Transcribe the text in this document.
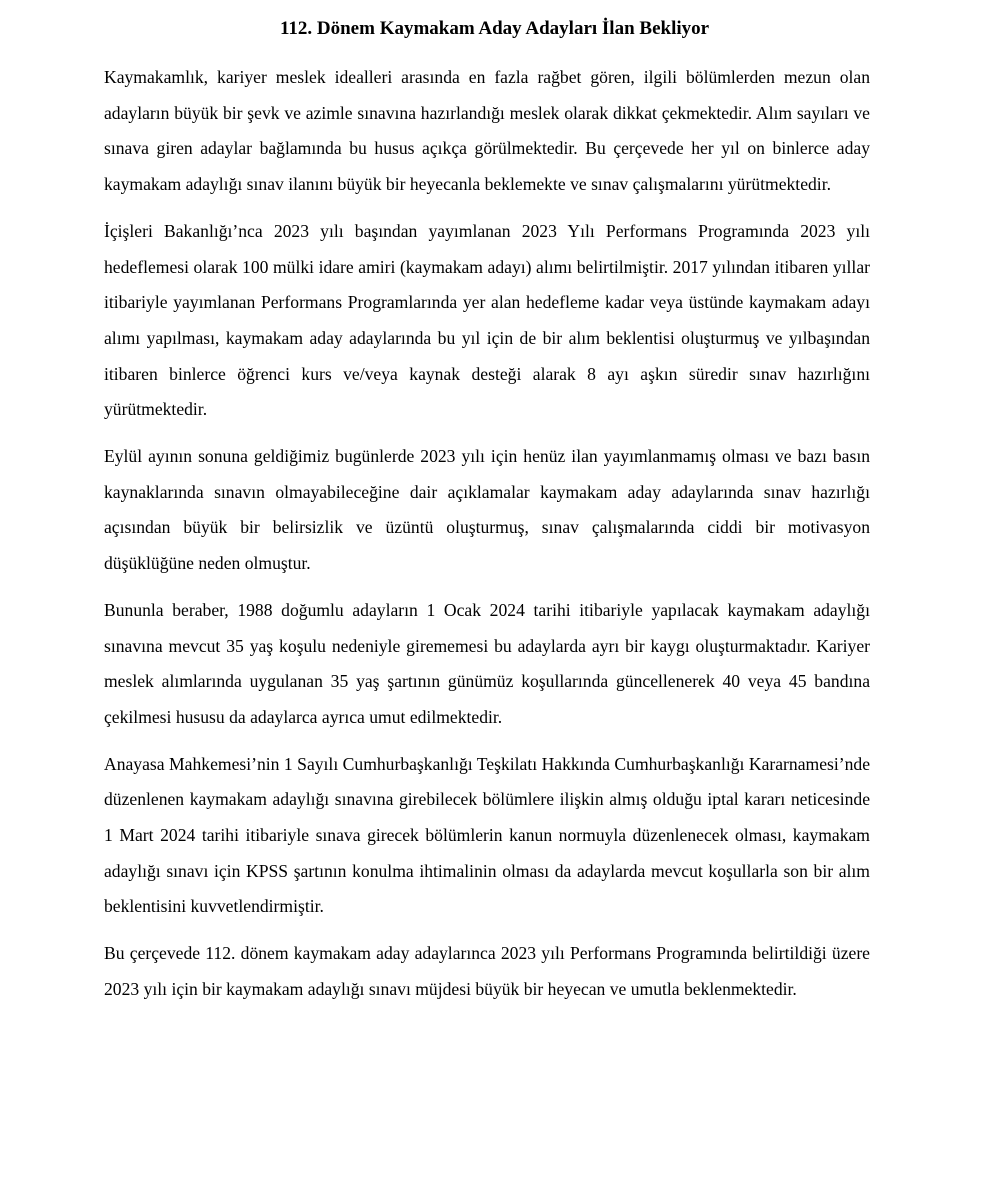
112. Dönem Kaymakam Aday Adayları İlan Bekliyor

Kaymakamlık, kariyer meslek idealleri arasında en fazla rağbet gören, ilgili bölümlerden mezun olan adayların büyük bir şevk ve azimle sınavına hazırlandığı meslek olarak dikkat çekmektedir. Alım sayıları ve sınava giren adaylar bağlamında bu husus açıkça görülmektedir. Bu çerçevede her yıl on binlerce aday kaymakam adaylığı sınav ilanını büyük bir heyecanla beklemekte ve sınav çalışmalarını yürütmektedir.

İçişleri Bakanlığı’nca 2023 yılı başından yayımlanan 2023 Yılı Performans Programında 2023 yılı hedeflemesi olarak 100 mülki idare amiri (kaymakam adayı) alımı belirtilmiştir. 2017 yılından itibaren yıllar itibariyle yayımlanan Performans Programlarında yer alan hedefleme kadar veya üstünde kaymakam adayı alımı yapılması, kaymakam aday adaylarında bu yıl için de bir alım beklentisi oluşturmuş ve yılbaşından itibaren binlerce öğrenci kurs ve/veya kaynak desteği alarak 8 ayı aşkın süredir sınav hazırlığını yürütmektedir.

Eylül ayının sonuna geldiğimiz bugünlerde 2023 yılı için henüz ilan yayımlanmamış olması ve bazı basın kaynaklarında sınavın olmayabileceğine dair açıklamalar kaymakam aday adaylarında sınav hazırlığı açısından büyük bir belirsizlik ve üzüntü oluşturmuş, sınav çalışmalarında ciddi bir motivasyon düşüklüğüne neden olmuştur.

Bununla beraber, 1988 doğumlu adayların 1 Ocak 2024 tarihi itibariyle yapılacak kaymakam adaylığı sınavına mevcut 35 yaş koşulu nedeniyle girememesi bu adaylarda ayrı bir kaygı oluşturmaktadır. Kariyer meslek alımlarında uygulanan 35 yaş şartının günümüz koşullarında güncellenerek 40 veya 45 bandına çekilmesi hususu da adaylarca ayrıca umut edilmektedir.

Anayasa Mahkemesi’nin 1 Sayılı Cumhurbaşkanlığı Teşkilatı Hakkında Cumhurbaşkanlığı Kararnamesi’nde düzenlenen kaymakam adaylığı sınavına girebilecek bölümlere ilişkin almış olduğu iptal kararı neticesinde 1 Mart 2024 tarihi itibariyle sınava girecek bölümlerin kanun normuyla düzenlenecek olması, kaymakam adaylığı sınavı için KPSS şartının konulma ihtimalinin olması da adaylarda mevcut koşullarla son bir alım beklentisini kuvvetlendirmiştir.

Bu çerçevede 112. dönem kaymakam aday adaylarınca 2023 yılı Performans Programında belirtildiği üzere 2023 yılı için bir kaymakam adaylığı sınavı müjdesi büyük bir heyecan ve umutla beklenmektedir.
